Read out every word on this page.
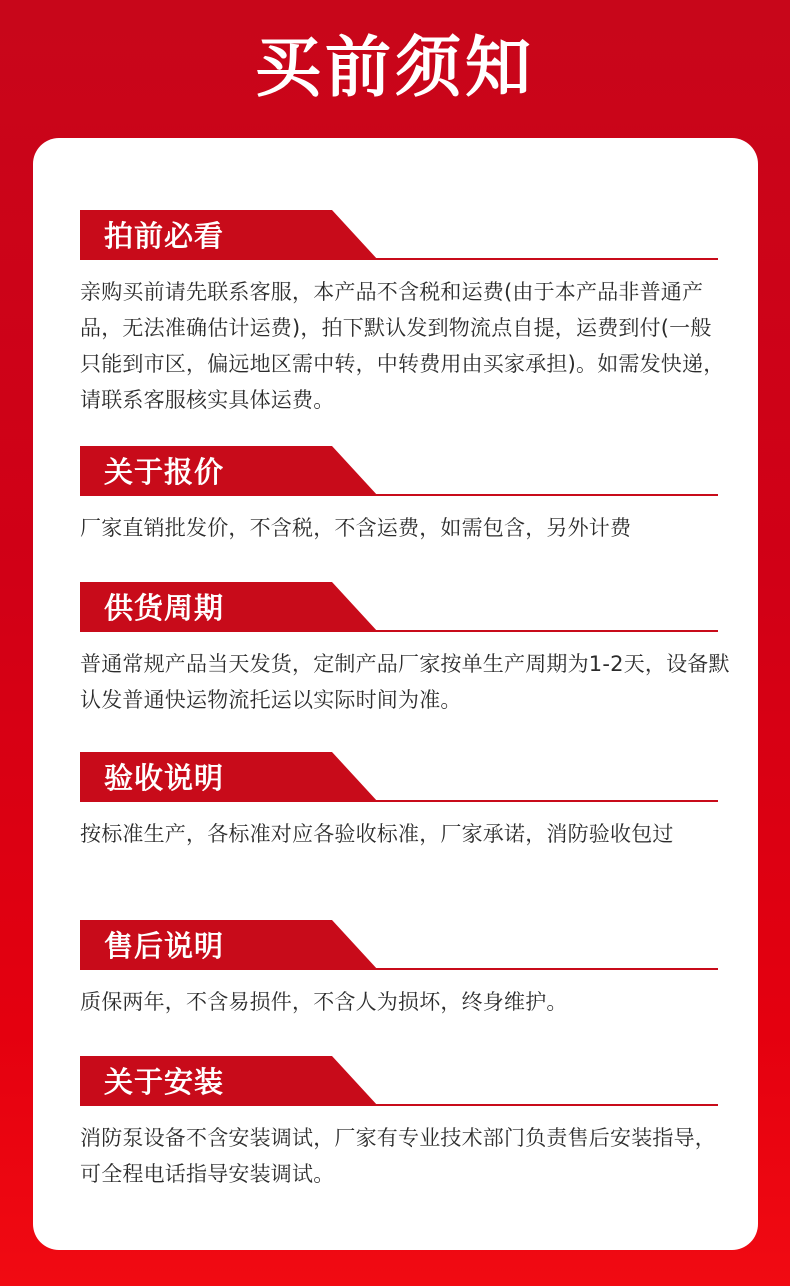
买前须知
拍前必看
亲购买前请先联系客服，本产品不含税和运费(由于本产品非普通产品，无法准确估计运费)，拍下默认发到物流点自提，运费到付(一般只能到市区，偏远地区需中转，中转费用由买家承担)。如需发快递，请联系客服核实具体运费。
关于报价
厂家直销批发价，不含税，不含运费，如需包含，另外计费
供货周期
普通常规产品当天发货，定制产品厂家按单生产周期为1-2天，设备默认发普通快运物流托运以实际时间为准。
验收说明
按标准生产，各标准对应各验收标准，厂家承诺，消防验收包过
售后说明
质保两年，不含易损件，不含人为损坏，终身维护。
关于安装
消防泵设备不含安装调试，厂家有专业技术部门负责售后安装指导，可全程电话指导安装调试。
